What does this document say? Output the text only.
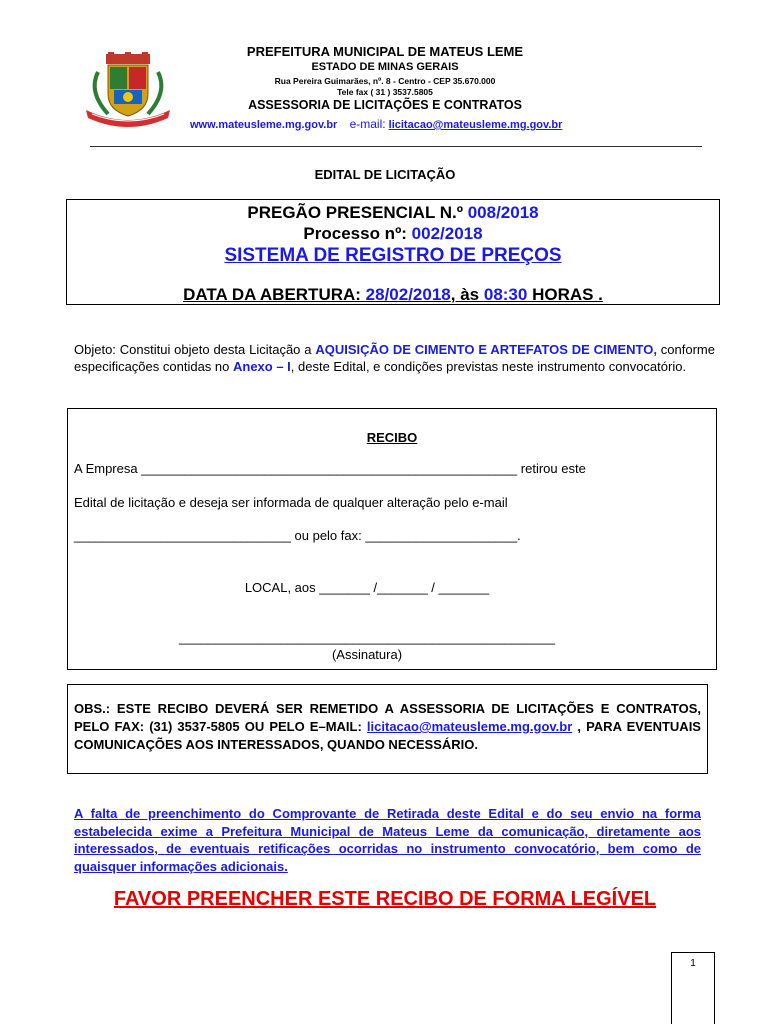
PREFEITURA MUNICIPAL DE MATEUS LEME
ESTADO DE MINAS GERAIS
Rua Pereira Guimarães, nº. 8 - Centro - CEP 35.670.000
Tele fax ( 31 ) 3537.5805
ASSESSORIA DE LICITAÇÕES E CONTRATOS
www.mateusleme.mg.gov.br e-mail: licitacao@mateusleme.mg.gov.br
EDITAL DE LICITAÇÃO
PREGÃO PRESENCIAL N.º 008/2018
Processo nº: 002/2018
SISTEMA DE REGISTRO DE PREÇOS
DATA DA ABERTURA: 28/02/2018, às 08:30 HORAS .
Objeto: Constitui objeto desta Licitação a AQUISIÇÃO DE CIMENTO E ARTEFATOS DE CIMENTO, conforme especificações contidas no Anexo – I, deste Edital, e condições previstas neste instrumento convocatório.
RECIBO
A Empresa ____________________________________________________ retirou este
Edital de licitação e deseja ser informada de qualquer alteração pelo e-mail
______________________________ ou pelo fax: _____________________.
LOCAL, aos _______ /_______ / _______
____________________________________________________
(Assinatura)
OBS.: ESTE RECIBO DEVERÁ SER REMETIDO A ASSESSORIA DE LICITAÇÕES E CONTRATOS, PELO FAX: (31) 3537-5805 OU PELO E–MAIL: licitacao@mateusleme.mg.gov.br , PARA EVENTUAIS COMUNICAÇÕES AOS INTERESSADOS, QUANDO NECESSÁRIO.
A falta de preenchimento do Comprovante de Retirada deste Edital e do seu envio na forma estabelecida exime a Prefeitura Municipal de Mateus Leme da comunicação, diretamente aos interessados, de eventuais retificações ocorridas no instrumento convocatório, bem como de quaisquer informações adicionais.
FAVOR PREENCHER ESTE RECIBO DE FORMA LEGÍVEL
1
